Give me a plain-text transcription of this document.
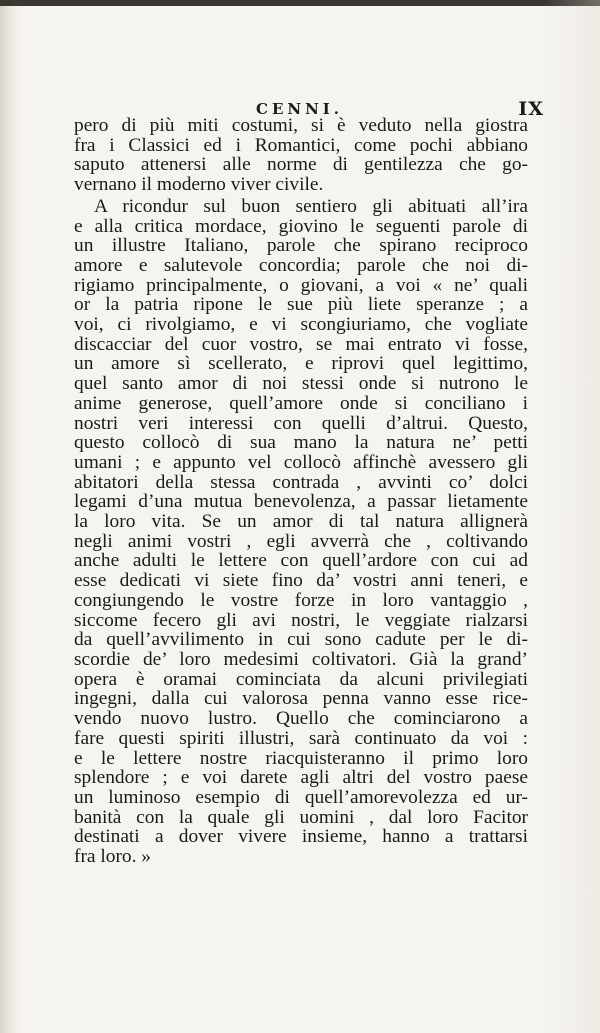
CENNI.	IX
pero di più miti costumi, si è veduto nella giostra
fra i Classici ed i Romantici, come pochi abbiano
saputo attenersi alle norme di gentilezza che go-
vernano il moderno viver civile.
A ricondur sul buon sentiero gli abituati all’ira
e alla critica mordace, giovino le seguenti parole di
un illustre Italiano, parole che spirano reciproco
amore e salutevole concordia; parole che noi di-
rigiamo principalmente, o giovani, a voi « ne’ quali
or la patria ripone le sue più liete speranze ; a
voi, ci rivolgiamo, e vi scongiuriamo, che vogliate
discacciar del cuor vostro, se mai entrato vi fosse,
un amore sì scellerato, e riprovi quel legittimo,
quel santo amor di noi stessi onde si nutrono le
anime generose, quell’amore onde si conciliano i
nostri veri interessi con quelli d’altrui. Questo,
questo collocò di sua mano la natura ne’ petti
umani ; e appunto vel collocò affinchè avessero gli
abitatori della stessa contrada , avvinti co’ dolci
legami d’una mutua benevolenza, a passar lietamente
la loro vita. Se un amor di tal natura allignerà
negli animi vostri , egli avverrà che , coltivando
anche adulti le lettere con quell’ardore con cui ad
esse dedicati vi siete fino da’ vostri anni teneri, e
congiungendo le vostre forze in loro vantaggio ,
siccome fecero gli avi nostri, le veggiate rialzarsi
da quell’avvilimento in cui sono cadute per le di-
scordie de’ loro medesimi coltivatori. Già la grand’
opera è oramai cominciata da alcuni privilegiati
ingegni, dalla cui valorosa penna vanno esse rice-
vendo nuovo lustro. Quello che cominciarono a
fare questi spiriti illustri, sarà continuato da voi :
e le lettere nostre riacquisteranno il primo loro
splendore ; e voi darete agli altri del vostro paese
un luminoso esempio di quell’amorevolezza ed ur-
banità con la quale gli uomini , dal loro Facitor
destinati a dover vivere insieme, hanno a trattarsi
fra loro. »
